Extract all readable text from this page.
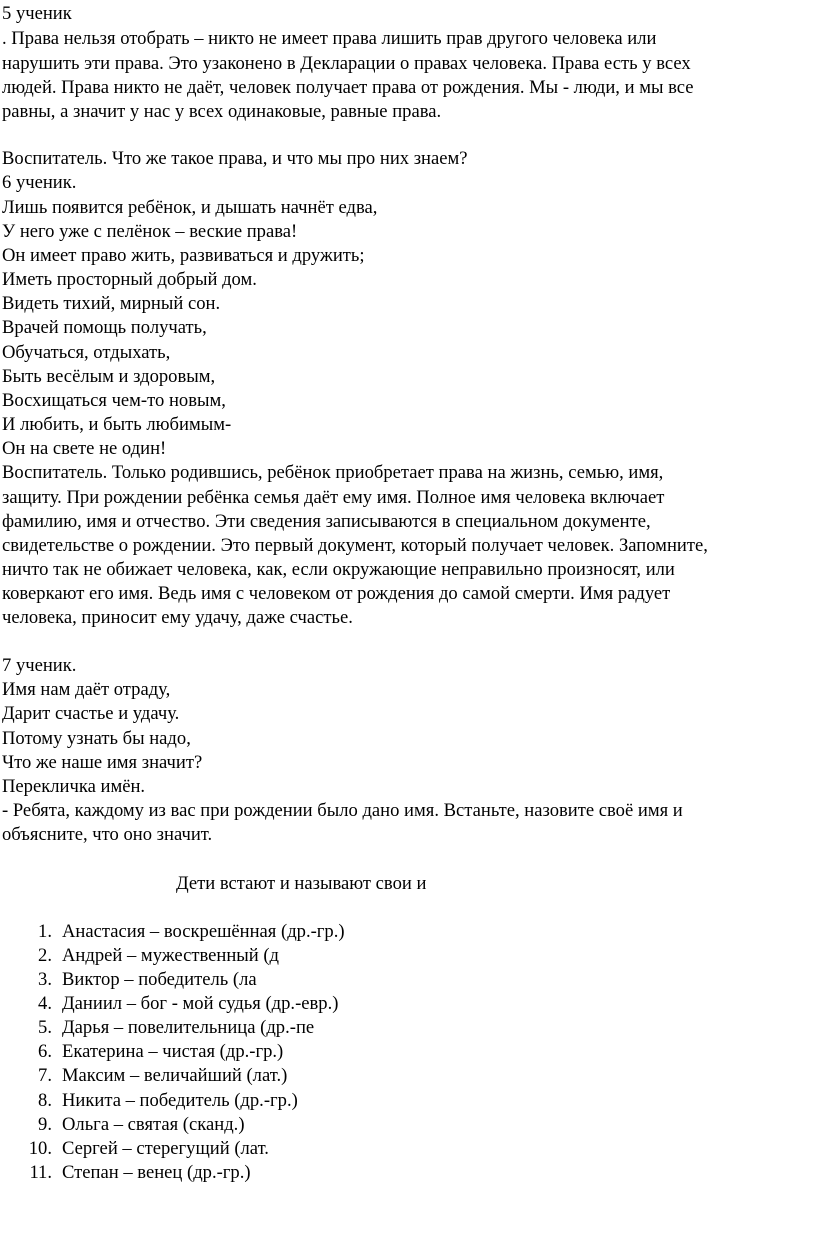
5 ученик
. Права нельзя отобрать – никто не имеет права лишить прав другого человека или
нарушить эти права. Это узаконено в Декларации о правах человека. Права есть у всех
людей. Права никто не даёт, человек получает права от рождения. Мы - люди, и мы все
равны, а значит у нас у всех одинаковые, равные права.
Воспитатель. Что же такое права, и что мы про них знаем?
6 ученик.
Лишь появится ребёнок, и дышать начнёт едва,
У него уже с пелёнок – веские права!
Он имеет право жить, развиваться и дружить;
Иметь просторный добрый дом.
Видеть тихий, мирный сон.
Врачей помощь получать,
Обучаться, отдыхать,
Быть весёлым и здоровым,
Восхищаться чем-то новым,
И любить, и быть любимым-
Он на свете не один!
Воспитатель. Только родившись, ребёнок приобретает права на жизнь, семью, имя,
защиту. При рождении ребёнка семья даёт ему имя. Полное имя человека включает
фамилию, имя и отчество. Эти сведения записываются в специальном документе,
свидетельстве о рождении. Это первый документ, который получает человек. Запомните,
ничто так не обижает человека, как, если окружающие неправильно произносят, или
коверкают его имя. Ведь имя с человеком от рождения до самой смерти. Имя радует
человека, приносит ему удачу, даже счастье.
7 ученик.
Имя нам даёт отраду,
Дарит счастье и удачу.
Потому узнать бы надо,
Что же наше имя значит?
Перекличка имён.
- Ребята, каждому из вас при рождении было дано имя. Встаньте, назовите своё имя и
объясните, что оно значит.
Дети встают и называют свои и
1. Анастасия – воскрешённая (др.-гр.)
2. Андрей – мужественный (д
3. Виктор – победитель (ла
4. Даниил – бог - мой судья (др.-евр.)
5. Дарья – повелительница (др.-пе
6. Екатерина – чистая (др.-гр.)
7. Максим – величайший (лат.)
8. Никита – победитель (др.-гр.)
9. Ольга – святая (сканд.)
10. Сергей – стерегущий (лат.
11. Степан – венец (др.-гр.)
